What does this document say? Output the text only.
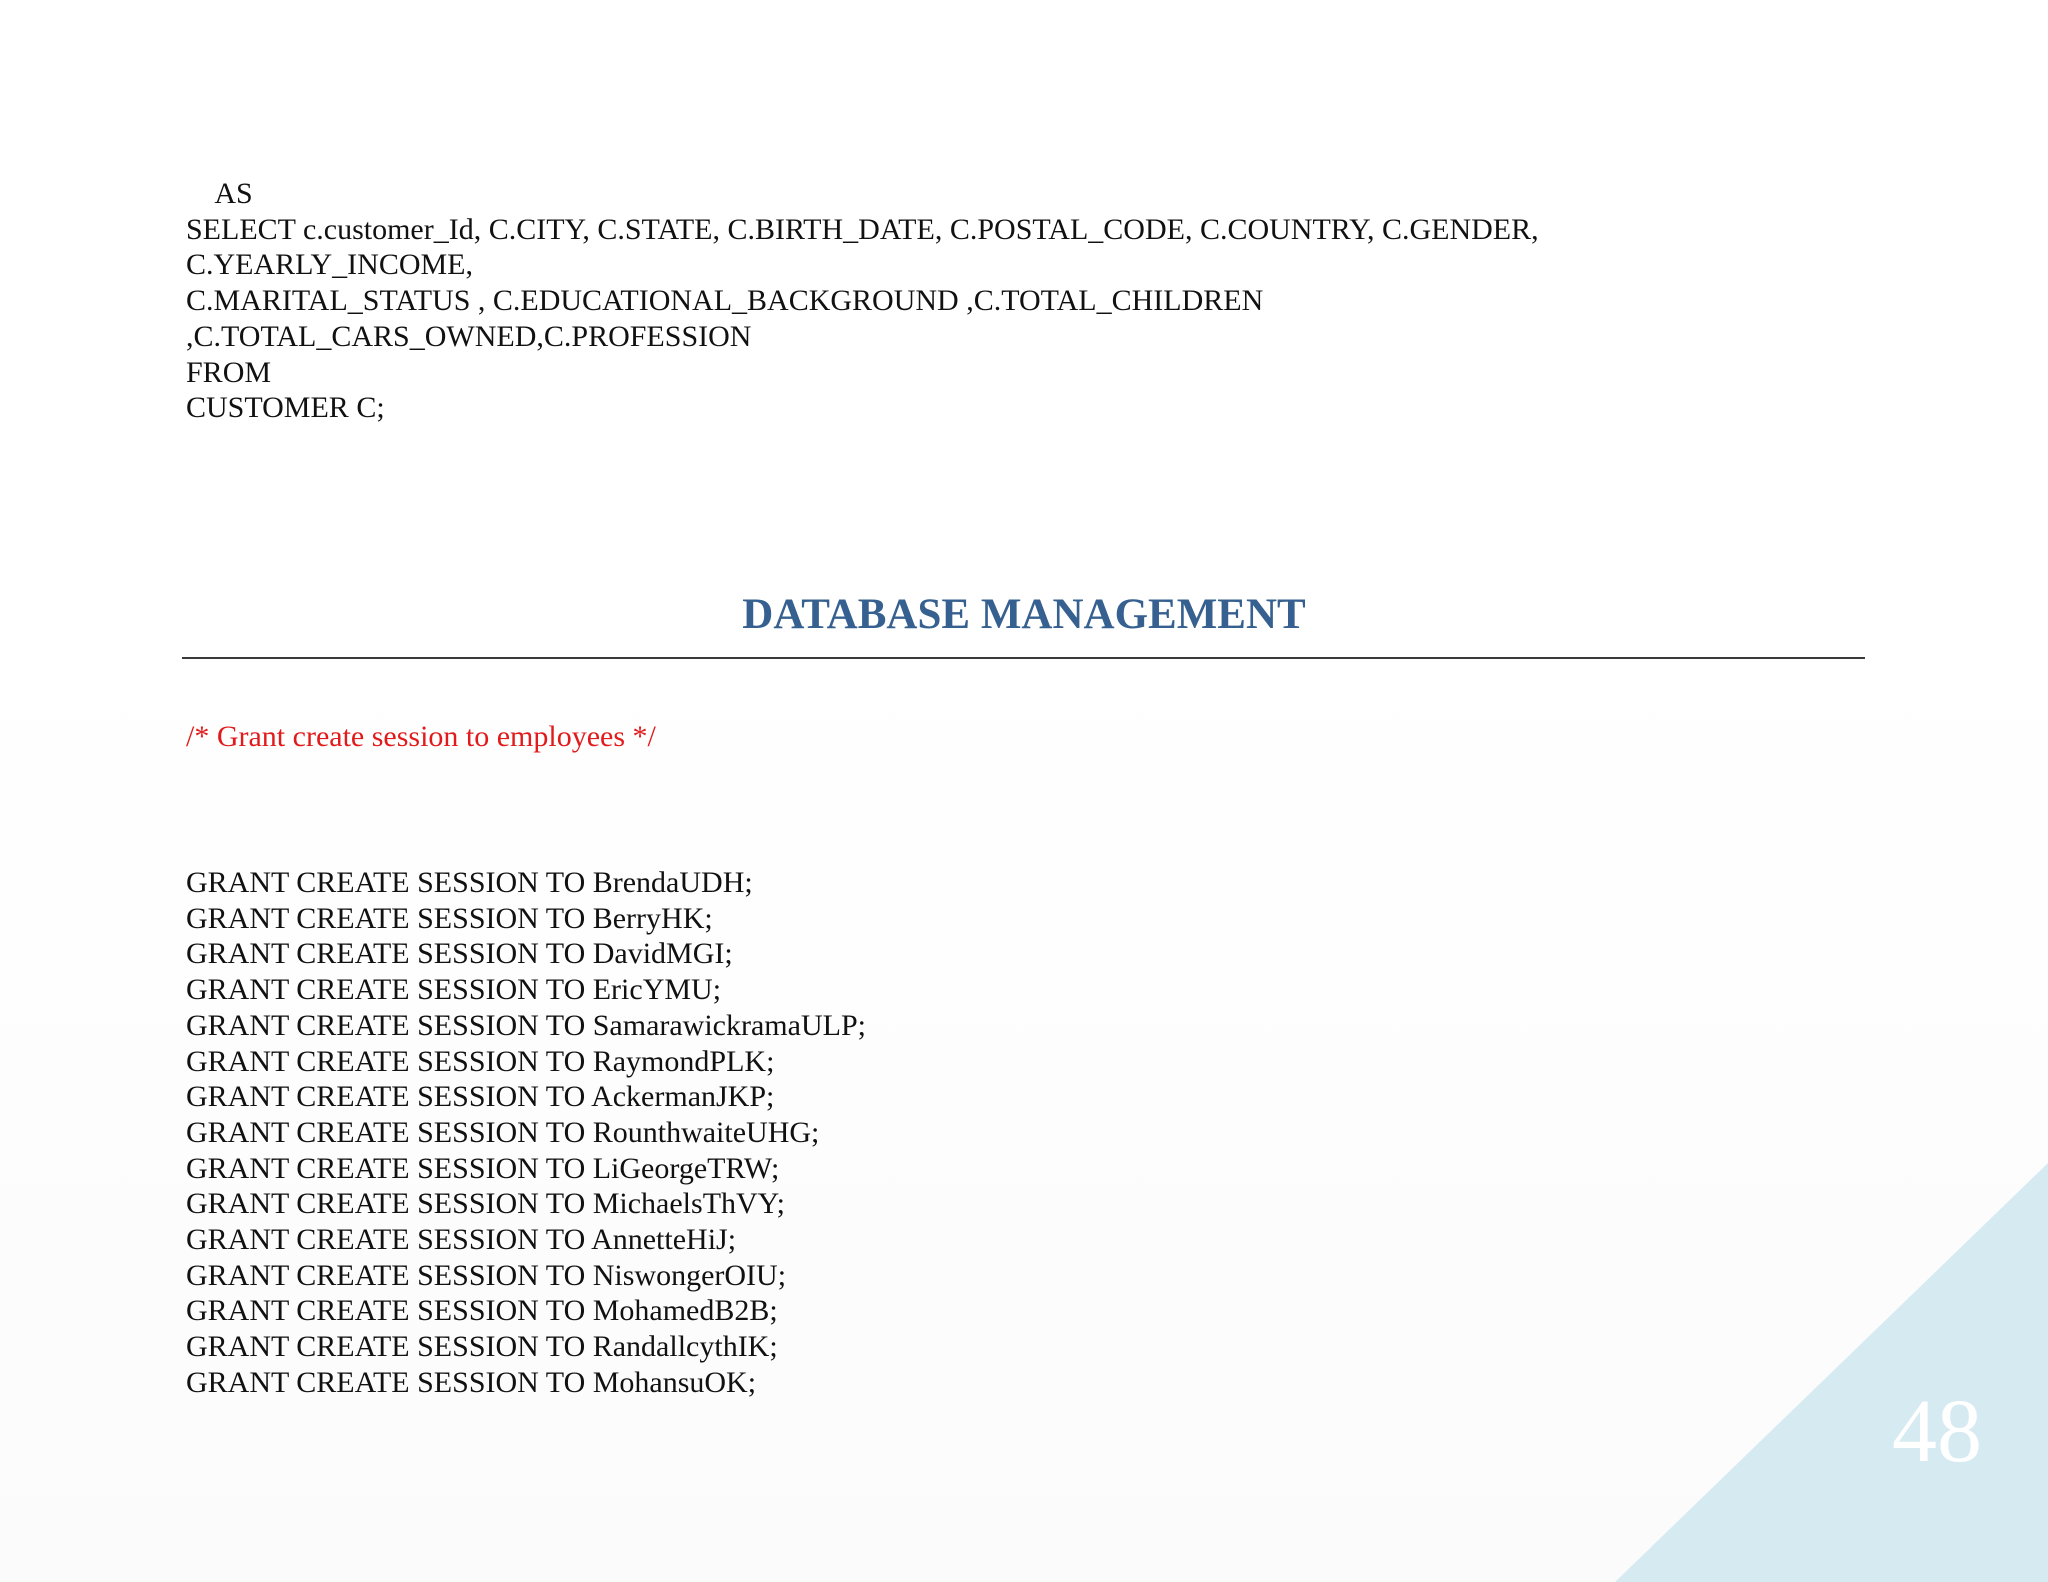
AS
SELECT c.customer_Id, C.CITY, C.STATE, C.BIRTH_DATE, C.POSTAL_CODE, C.COUNTRY, C.GENDER,
C.YEARLY_INCOME,
C.MARITAL_STATUS , C.EDUCATIONAL_BACKGROUND ,C.TOTAL_CHILDREN
,C.TOTAL_CARS_OWNED,C.PROFESSION
FROM
CUSTOMER C;
DATABASE MANAGEMENT

/* Grant create session to employees */

GRANT CREATE SESSION TO BrendaUDH;
GRANT CREATE SESSION TO BerryHK;
GRANT CREATE SESSION TO DavidMGI;
GRANT CREATE SESSION TO EricYMU;
GRANT CREATE SESSION TO SamarawickramaULP;
GRANT CREATE SESSION TO RaymondPLK;
GRANT CREATE SESSION TO AckermanJKP;
GRANT CREATE SESSION TO RounthwaiteUHG;
GRANT CREATE SESSION TO LiGeorgeTRW;
GRANT CREATE SESSION TO MichaelsThVY;
GRANT CREATE SESSION TO AnnetteHiJ;
GRANT CREATE SESSION TO NiswongerOIU;
GRANT CREATE SESSION TO MohamedB2B;
GRANT CREATE SESSION TO RandallcythIK;
GRANT CREATE SESSION TO MohansuOK;	48
